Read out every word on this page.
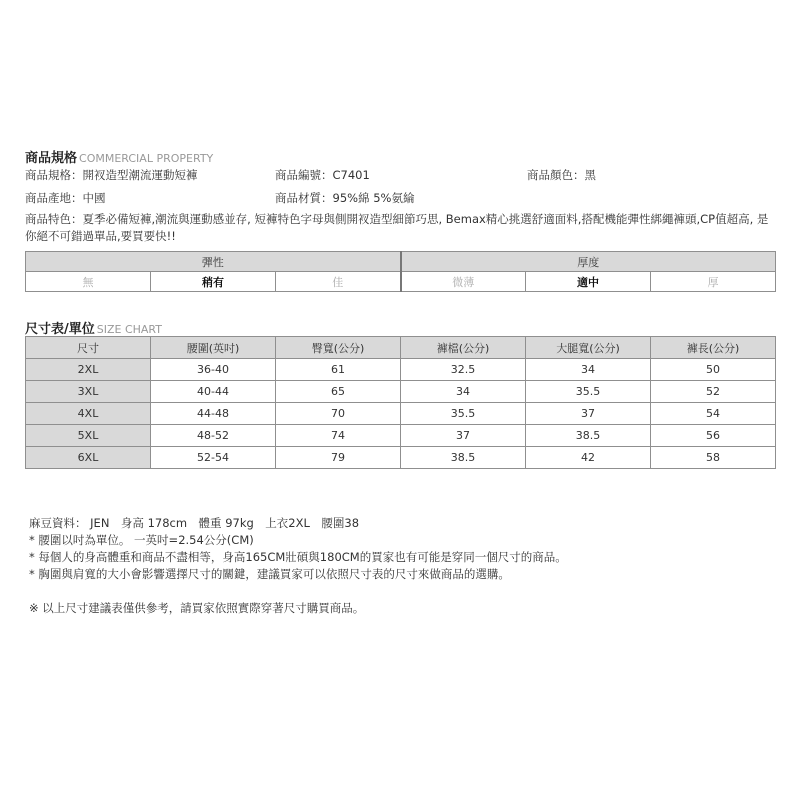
商品規格 COMMERCIAL PROPERTY
商品規格：開衩造型潮流運動短褲	商品編號：C7401	商品顏色：黑
商品產地：中國	商品材質：95%綿 5%氨綸
商品特色：夏季必備短褲,潮流與運動感並存, 短褲特色字母與側開衩造型細節巧思, Bemax精心挑選舒適面料,搭配機能彈性綁繩褲頭,CP值超高, 是你絕不可錯過單品,要買要快!!
彈性			厚度		
無	稍有	佳	微薄	適中	厚
尺寸表/單位 SIZE CHART
尺寸	腰圍(英吋)	臀寬(公分)	褲檔(公分)	大腿寬(公分)	褲長(公分)
2XL	36-40	61	32.5	34	50
3XL	40-44	65	34	35.5	52
4XL	44-48	70	35.5	37	54
5XL	48-52	74	37	38.5	56
6XL	52-54	79	38.5	42	58
麻豆資料： JEN　身高 178cm　體重 97kg　上衣2XL　腰圍38
* 腰圍以吋為單位。 一英吋=2.54公分(CM)
* 每個人的身高體重和商品不盡相等，身高165CM壯碩與180CM的買家也有可能是穿同一個尺寸的商品。
* 胸圍與肩寬的大小會影響選擇尺寸的關鍵，建議買家可以依照尺寸表的尺寸來做商品的選購。
※ 以上尺寸建議表僅供參考，請買家依照實際穿著尺寸購買商品。
